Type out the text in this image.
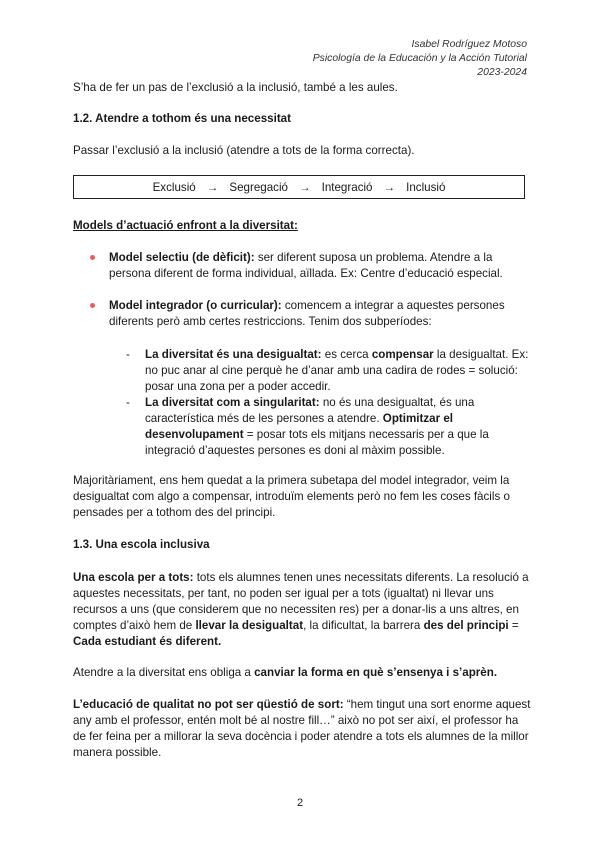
Isabel Rodríguez Motoso
Psicología de la Educación y la Acción Tutorial
2023-2024

S’ha de fer un pas de l’exclusió a la inclusió, també a les aules.

1.2. Atendre a tothom és una necessitat

Passar l’exclusió a la inclusió (atendre a tots de la forma correcta).

Exclusió → Segregació → Integració → Inclusió

Models d’actuació enfront a la diversitat:

Model selectiu (de dèficit): ser diferent suposa un problema. Atendre a la persona diferent de forma individual, aïllada. Ex: Centre d’educació especial.
Model integrador (o curricular): comencem a integrar a aquestes persones diferents però amb certes restriccions. Tenim dos subperíodes:
- La diversitat és una desigualtat: es cerca compensar la desigualtat. Ex: no puc anar al cine perquè he d’anar amb una cadira de rodes = solució: posar una zona per a poder accedir.
- La diversitat com a singularitat: no és una desigualtat, és una característica més de les persones a atendre. Optimitzar el desenvolupament = posar tots els mitjans necessaris per a que la integració d’aquestes persones es doni al màxim possible.

Majoritàriament, ens hem quedat a la primera subetapa del model integrador, veim la desigualtat com algo a compensar, introduïm elements però no fem les coses fàcils o pensades per a tothom des del principi.

1.3. Una escola inclusiva

Una escola per a tots: tots els alumnes tenen unes necessitats diferents. La resolució a aquestes necessitats, per tant, no poden ser igual per a tots (igualtat) ni llevar uns recursos a uns (que considerem que no necessiten res) per a donar-lis a uns altres, en comptes d’això hem de llevar la desigualtat, la dificultat, la barrera des del principi = Cada estudiant és diferent.

Atendre a la diversitat ens obliga a canviar la forma en què s’ensenya i s’aprèn.

L’educació de qualitat no pot ser qüestió de sort: “hem tingut una sort enorme aquest any amb el professor, entén molt bé al nostre fill…” això no pot ser així, el professor ha de fer feina per a millorar la seva docència i poder atendre a tots els alumnes de la millor manera possible.

2
